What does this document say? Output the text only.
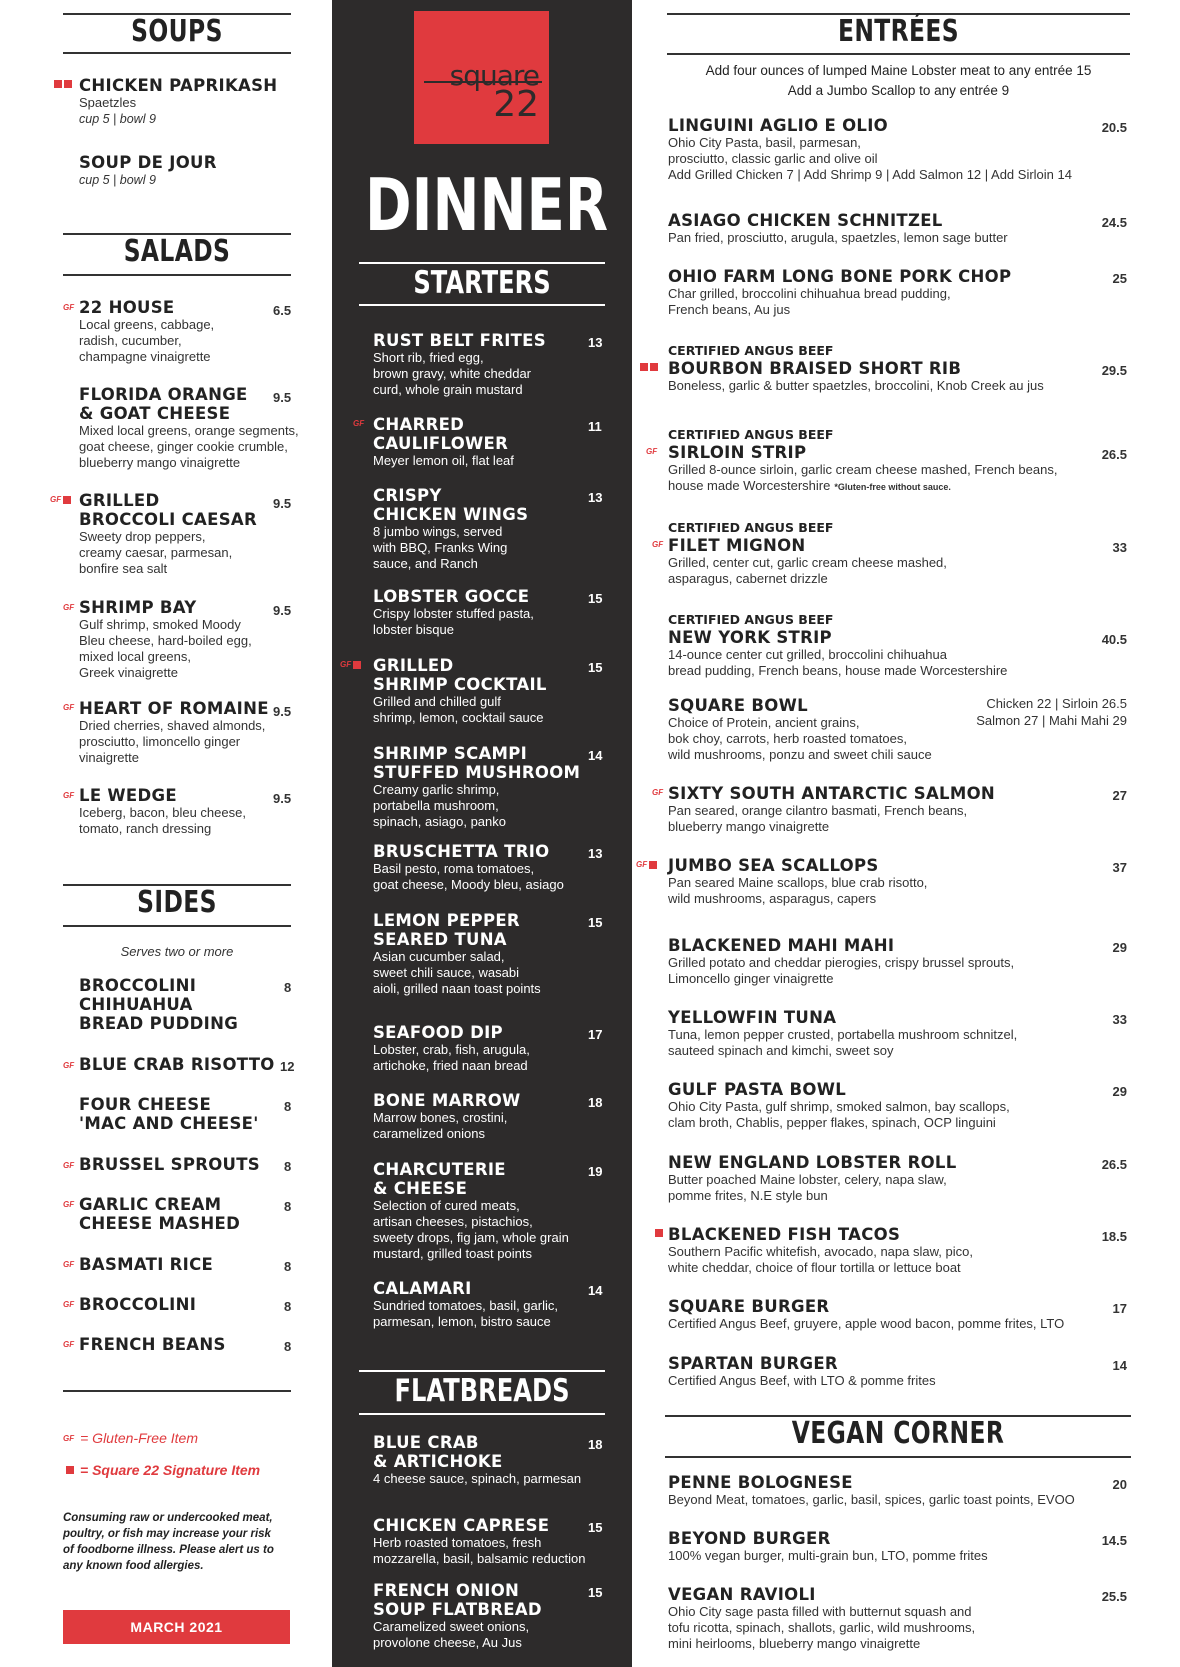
SOUPS
CHICKEN PAPRIKASH
Spaetzles
cup 5 | bowl 9
SOUP DE JOUR
cup 5 | bowl 9
SALADS
GF 22 HOUSE
Local greens, cabbage,
radish, cucumber,
champagne vinaigrette
6.5
FLORIDA ORANGE
& GOAT CHEESE
Mixed local greens, orange segments,
goat cheese, ginger cookie crumble,
blueberry mango vinaigrette
9.5
GF GRILLED
BROCCOLI CAESAR
Sweety drop peppers,
creamy caesar, parmesan,
bonfire sea salt
9.5
GF SHRIMP BAY
Gulf shrimp, smoked Moody
Bleu cheese, hard-boiled egg,
mixed local greens,
Greek vinaigrette
9.5
GF HEART OF ROMAINE
Dried cherries, shaved almonds,
prosciutto, limoncello ginger
vinaigrette
9.5
GF LE WEDGE
Iceberg, bacon, bleu cheese,
tomato, ranch dressing
9.5
SIDES
Serves two or more
BROCCOLINI
CHIHUAHUA
BREAD PUDDING
8
GF BLUE CRAB RISOTTO 12
FOUR CHEESE
'MAC AND CHEESE'
8
GF BRUSSEL SPROUTS 8
GF GARLIC CREAM
CHEESE MASHED
8
GF BASMATI RICE	8
GF BROCCOLINI	8
GF FRENCH BEANS	8
GF = Gluten-Free Item
= Square 22 Signature Item
Consuming raw or undercooked meat,
poultry, or fish may increase your risk
of foodborne illness. Please alert us to
any known food allergies.
MARCH 2021
square
22
DINNER
STARTERS
FLATBREADS
ENTRÉES
Add four ounces of lumped Maine Lobster meat to any entrée 15
Add a Jumbo Scallop to any entrée 9
VEGAN CORNER
RUST BELT FRITES
Short rib, fried egg,
brown gravy, white cheddar
curd, whole grain mustard
13
CHARRED
CAULIFLOWER
Meyer lemon oil, flat leaf
11
GF
CRISPY
CHICKEN WINGS
8 jumbo wings, served
with BBQ, Franks Wing
sauce, and Ranch
13
LOBSTER GOCCE
Crispy lobster stuffed pasta,
lobster bisque
15
GRILLED
SHRIMP COCKTAIL
Grilled and chilled gulf
shrimp, lemon, cocktail sauce
15
GF
SHRIMP SCAMPI
STUFFED MUSHROOM
Creamy garlic shrimp,
portabella mushroom,
spinach, asiago, panko
14
BRUSCHETTA TRIO
Basil pesto, roma tomatoes,
goat cheese, Moody bleu, asiago
13
LEMON PEPPER
SEARED TUNA
Asian cucumber salad,
sweet chili sauce, wasabi
aioli, grilled naan toast points
15
SEAFOOD DIP
Lobster, crab, fish, arugula,
artichoke, fried naan bread
17
BONE MARROW
Marrow bones, crostini,
caramelized onions
18
CHARCUTERIE
& CHEESE
Selection of cured meats,
artisan cheeses, pistachios,
sweety drops, fig jam, whole grain
mustard, grilled toast points
19
CALAMARI
Sundried tomatoes, basil, garlic,
parmesan, lemon, bistro sauce
14
BLUE CRAB
& ARTICHOKE
4 cheese sauce, spinach, parmesan
18
CHICKEN CAPRESE
Herb roasted tomatoes, fresh
mozzarella, basil, balsamic reduction
15
FRENCH ONION
SOUP FLATBREAD
Caramelized sweet onions,
provolone cheese, Au Jus
15
LINGUINI AGLIO E OLIO
Ohio City Pasta, basil, parmesan,
prosciutto, classic garlic and olive oil
Add Grilled Chicken 7 | Add Shrimp 9 | Add Salmon 12 | Add Sirloin 14
20.5
ASIAGO CHICKEN SCHNITZEL
Pan fried, prosciutto, arugula, spaetzles, lemon sage butter
24.5
OHIO FARM LONG BONE PORK CHOP
Char grilled, broccolini chihuahua bread pudding,
French beans, Au jus
25
CERTIFIED ANGUS BEEF
BOURBON BRAISED SHORT RIB
Boneless, garlic & butter spaetzles, broccolini, Knob Creek au jus
29.5
CERTIFIED ANGUS BEEF
SIRLOIN STRIP
Grilled 8-ounce sirloin, garlic cream cheese mashed, French beans,
house made Worcestershire *Gluten-free without sauce.
26.5
GF
CERTIFIED ANGUS BEEF
FILET MIGNON
Grilled, center cut, garlic cream cheese mashed,
asparagus, cabernet drizzle
33
GF
CERTIFIED ANGUS BEEF
NEW YORK STRIP
14-ounce center cut grilled, broccolini chihuahua
bread pudding, French beans, house made Worcestershire
40.5
SQUARE BOWL
Choice of Protein, ancient grains,
bok choy, carrots, herb roasted tomatoes,
wild mushrooms, ponzu and sweet chili sauce
Chicken 22 | Sirloin 26.5
Salmon 27 | Mahi Mahi 29
SIXTY SOUTH ANTARCTIC SALMON
Pan seared, orange cilantro basmati, French beans,
blueberry mango vinaigrette
27
GF
JUMBO SEA SCALLOPS
Pan seared Maine scallops, blue crab risotto,
wild mushrooms, asparagus, capers
37
GF
BLACKENED MAHI MAHI
Grilled potato and cheddar pierogies, crispy brussel sprouts,
Limoncello ginger vinaigrette
29
YELLOWFIN TUNA
Tuna, lemon pepper crusted, portabella mushroom schnitzel,
sauteed spinach and kimchi, sweet soy
33
GULF PASTA BOWL
Ohio City Pasta, gulf shrimp, smoked salmon, bay scallops,
clam broth, Chablis, pepper flakes, spinach, OCP linguini
29
NEW ENGLAND LOBSTER ROLL
Butter poached Maine lobster, celery, napa slaw,
pomme frites, N.E style bun
26.5
BLACKENED FISH TACOS
Southern Pacific whitefish, avocado, napa slaw, pico,
white cheddar, choice of flour tortilla or lettuce boat
18.5
SQUARE BURGER
Certified Angus Beef, gruyere, apple wood bacon, pomme frites, LTO
17
SPARTAN BURGER
Certified Angus Beef, with LTO & pomme frites
14
PENNE BOLOGNESE
Beyond Meat, tomatoes, garlic, basil, spices, garlic toast points, EVOO
20
BEYOND BURGER
100% vegan burger, multi-grain bun, LTO, pomme frites
14.5
VEGAN RAVIOLI
Ohio City sage pasta filled with butternut squash and
tofu ricotta, spinach, shallots, garlic, wild mushrooms,
mini heirlooms, blueberry mango vinaigrette
25.5
